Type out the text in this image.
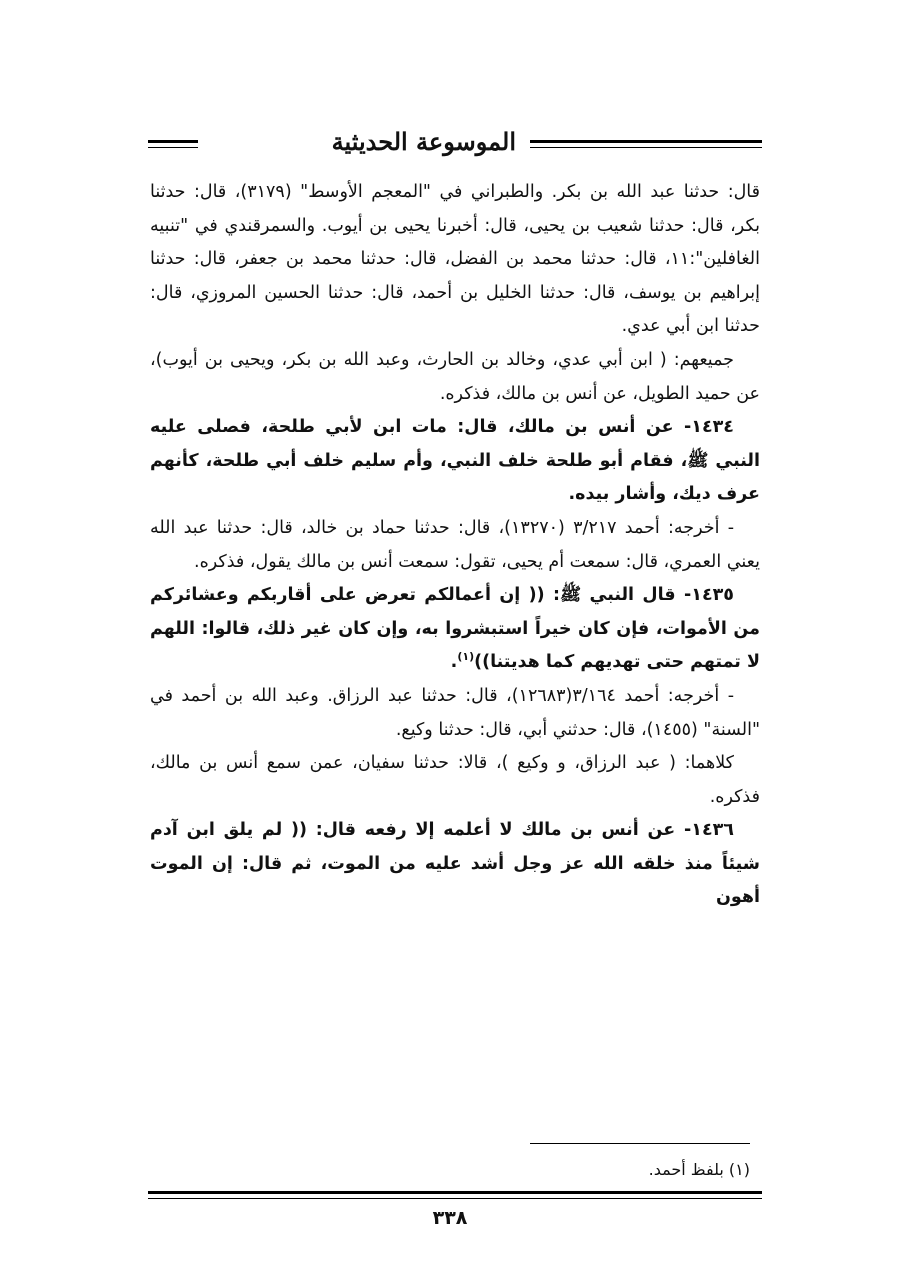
الموسوعة الحديثية

قال: حدثنا عبد الله بن بكر. والطبراني في "المعجم الأوسط" (٣١٧٩)، قال: حدثنا بكر، قال: حدثنا شعيب بن يحيى، قال: أخبرنا يحيى بن أيوب. والسمرقندي في "تنبيه الغافلين":١١، قال: حدثنا محمد بن الفضل، قال: حدثنا محمد بن جعفر، قال: حدثنا إبراهيم بن يوسف، قال: حدثنا الخليل بن أحمد، قال: حدثنا الحسين المروزي، قال: حدثنا ابن أبي عدي.

جميعهم: ( ابن أبي عدي، وخالد بن الحارث، وعبد الله بن بكر، ويحيى بن أيوب)، عن حميد الطويل، عن أنس بن مالك، فذكره.

١٤٣٤- عن أنس بن مالك، قال: مات ابن لأبي طلحة، فصلى عليه النبي ﷺ، فقام أبو طلحة خلف النبي، وأم سليم خلف أبي طلحة، كأنهم عرف ديك، وأشار بيده.

- أخرجه: أحمد ٣/٢١٧ (١٣٢٧٠)، قال: حدثنا حماد بن خالد، قال: حدثنا عبد الله يعني العمري، قال: سمعت أم يحيى، تقول: سمعت أنس بن مالك يقول، فذكره.

١٤٣٥- قال النبي ﷺ: (( إن أعمالكم تعرض على أقاربكم وعشائركم من الأموات، فإن كان خيراً استبشروا به، وإن كان غير ذلك، قالوا: اللهم لا تمتهم حتى تهديهم كما هديتنا))$^{(١)}$.

- أخرجه: أحمد ٣/١٦٤(١٢٦٨٣)، قال: حدثنا عبد الرزاق. وعبد الله بن أحمد في "السنة" (١٤٥٥)، قال: حدثني أبي، قال: حدثنا وكيع.

كلاهما: ( عبد الرزاق، و وكيع )، قالا: حدثنا سفيان، عمن سمع أنس بن مالك، فذكره.

١٤٣٦- عن أنس بن مالك لا أعلمه إلا رفعه قال: (( لم يلق ابن آدم شيئاً منذ خلقه الله عز وجل أشد عليه من الموت، ثم قال: إن الموت أهون

(١) بلفظ أحمد.
٣٣٨
